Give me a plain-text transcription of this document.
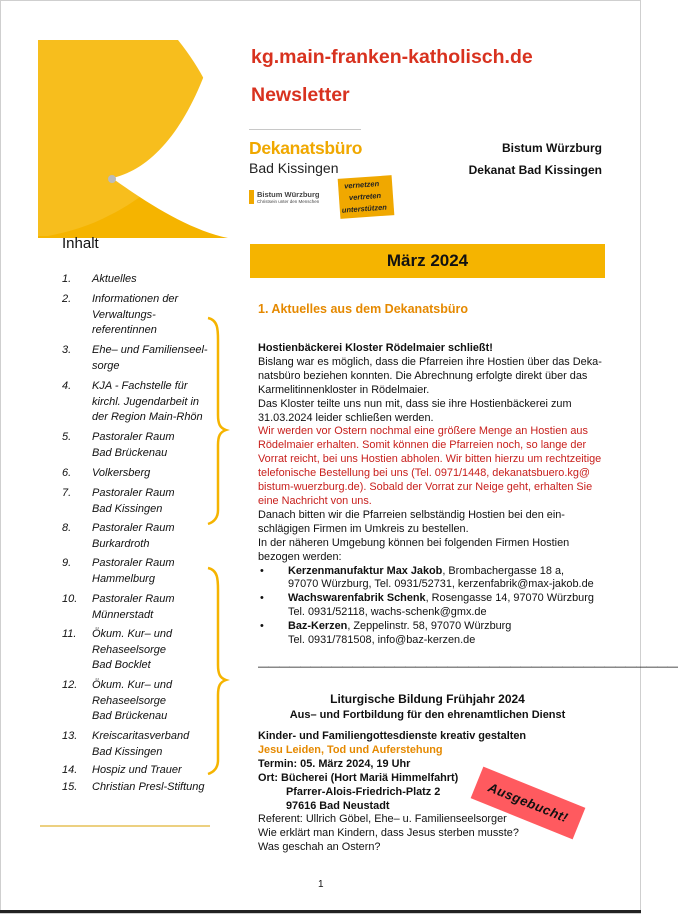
kg.main-franken-katholisch.de
Newsletter
Dekanatsbüro
Bad Kissingen
Bistum Würzburg
Christsein unter den Menschen
vernetzen
vertreten
unterstützen
Bistum Würzburg
Dekanat Bad Kissingen
März 2024
Inhalt
1.	Aktuelles
2.	Informationen der
Verwaltungs-
referentinnen
3.	Ehe– und Familienseel-
sorge
4.	KJA - Fachstelle für
kirchl. Jugendarbeit in
der Region Main-Rhön
5.	Pastoraler Raum
Bad Brückenau
6.	Volkersberg
7.	Pastoraler Raum
Bad Kissingen
8.	Pastoraler Raum
Burkardroth
9.	Pastoraler Raum
Hammelburg
10.	Pastoraler Raum
Münnerstadt
11.	Ökum. Kur– und
Rehaseelsorge
Bad Bocklet
12.	Ökum. Kur– und
Rehaseelsorge
Bad Brückenau
13.	Kreiscaritasverband
Bad Kissingen
14.	Hospiz und Trauer
15.	Christian Presl-Stiftung
1. Aktuelles aus dem Dekanatsbüro

Hostienbäckerei Kloster Rödelmaier schließt!

Bislang war es möglich, dass die Pfarreien ihre Hostien über das Deka-

natsbüro beziehen konnten. Die Abrechnung erfolgte direkt über das

Karmelitinnenkloster in Rödelmaier.

Das Kloster teilte uns nun mit, dass sie ihre Hostienbäckerei zum

31.03.2024 leider schließen werden.

Wir werden vor Ostern nochmal eine größere Menge an Hostien aus

Rödelmaier erhalten. Somit können die Pfarreien noch, so lange der

Vorrat reicht, bei uns Hostien abholen. Wir bitten hierzu um rechtzeitige

telefonische Bestellung bei uns (Tel. 0971/1448, dekanatsbuero.kg@

bistum-wuerzburg.de). Sobald der Vorrat zur Neige geht, erhalten Sie

eine Nachricht von uns.

Danach bitten wir die Pfarreien selbständig Hostien bei den ein-

schlägigen Firmen im Umkreis zu bestellen.

In der näheren Umgebung können bei folgenden Firmen Hostien

bezogen werden:

• Kerzenmanufaktur Max Jakob, Brombachergasse 18 a,

97070 Würzburg, Tel. 0931/52731, kerzenfabrik@max-jakob.de

• Wachswarenfabrik Schenk, Rosengasse 14, 97070 Würzburg

Tel. 0931/52118, wachs-schenk@gmx.de

• Baz-Kerzen, Zeppelinstr. 58, 97070 Würzburg

Tel. 0931/781508, info@baz-kerzen.de

————————————————————————————————————————
Liturgische Bildung Frühjahr 2024
Aus– und Fortbildung für den ehrenamtlichen Dienst

Kinder- und Familiengottesdienste kreativ gestalten

Jesu Leiden, Tod und Auferstehung

Termin: 05. März 2024, 19 Uhr

Ort: Bücherei (Hort Mariä Himmelfahrt)

Pfarrer-Alois-Friedrich-Platz 2

97616 Bad Neustadt

Referent: Ullrich Göbel, Ehe– u. Familienseelsorger

Wie erklärt man Kindern, dass Jesus sterben musste?

Was geschah an Ostern?

Ausgebucht!
1
